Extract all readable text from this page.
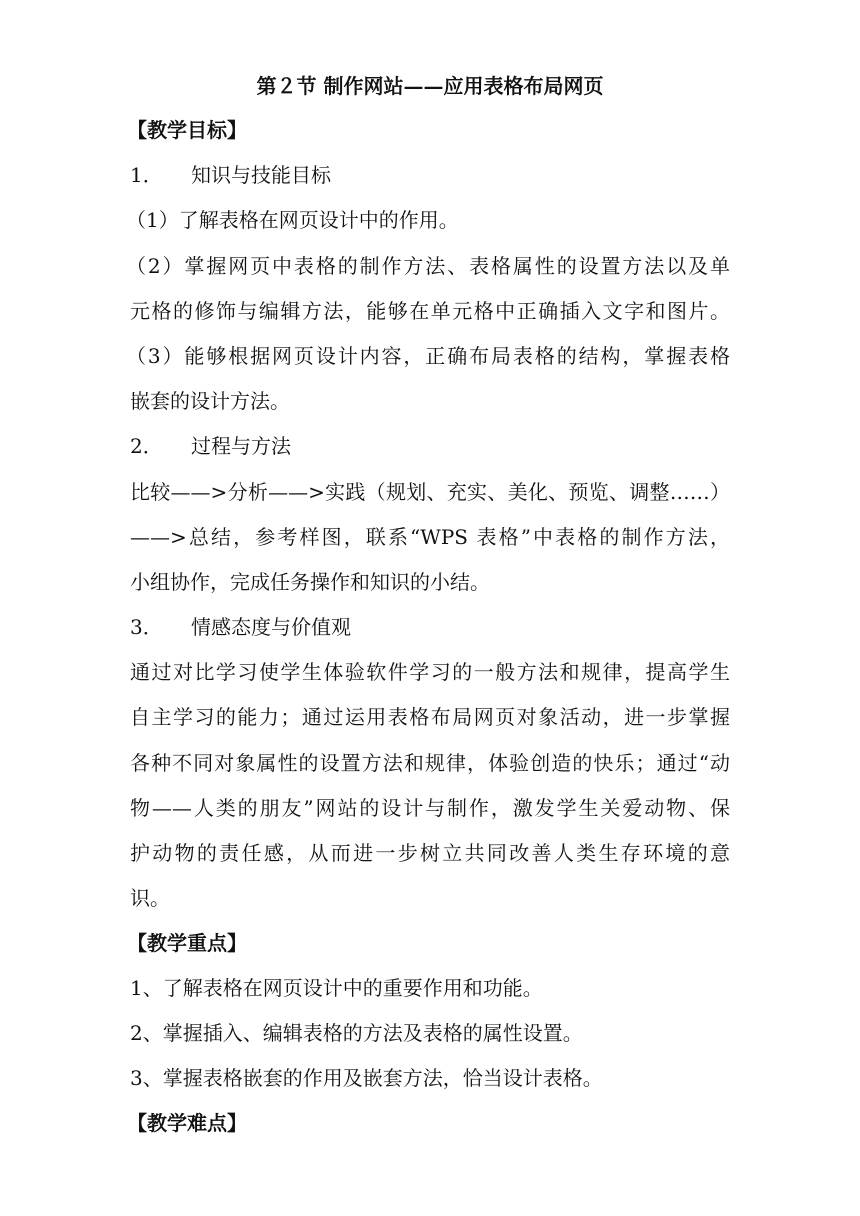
第２节 制作网站——应用表格布局网页
【教学目标】
1． 知识与技能目标
（1）了解表格在网页设计中的作用。
（2）掌握网页中表格的制作方法、表格属性的设置方法以及单
元格的修饰与编辑方法，能够在单元格中正确插入文字和图片。
（3）能够根据网页设计内容，正确布局表格的结构，掌握表格
嵌套的设计方法。
2． 过程与方法
比较——>分析——>实践（规划、充实、美化、预览、调整……）
——>总结，参考样图，联系“WPS 表格”中表格的制作方法，
小组协作，完成任务操作和知识的小结。
3． 情感态度与价值观
通过对比学习使学生体验软件学习的一般方法和规律，提高学生
自主学习的能力；通过运用表格布局网页对象活动，进一步掌握
各种不同对象属性的设置方法和规律，体验创造的快乐；通过“动
物——人类的朋友”网站的设计与制作，激发学生关爱动物、保
护动物的责任感，从而进一步树立共同改善人类生存环境的意
识。
【教学重点】
1、了解表格在网页设计中的重要作用和功能。
2、掌握插入、编辑表格的方法及表格的属性设置。
3、掌握表格嵌套的作用及嵌套方法，恰当设计表格。
【教学难点】
